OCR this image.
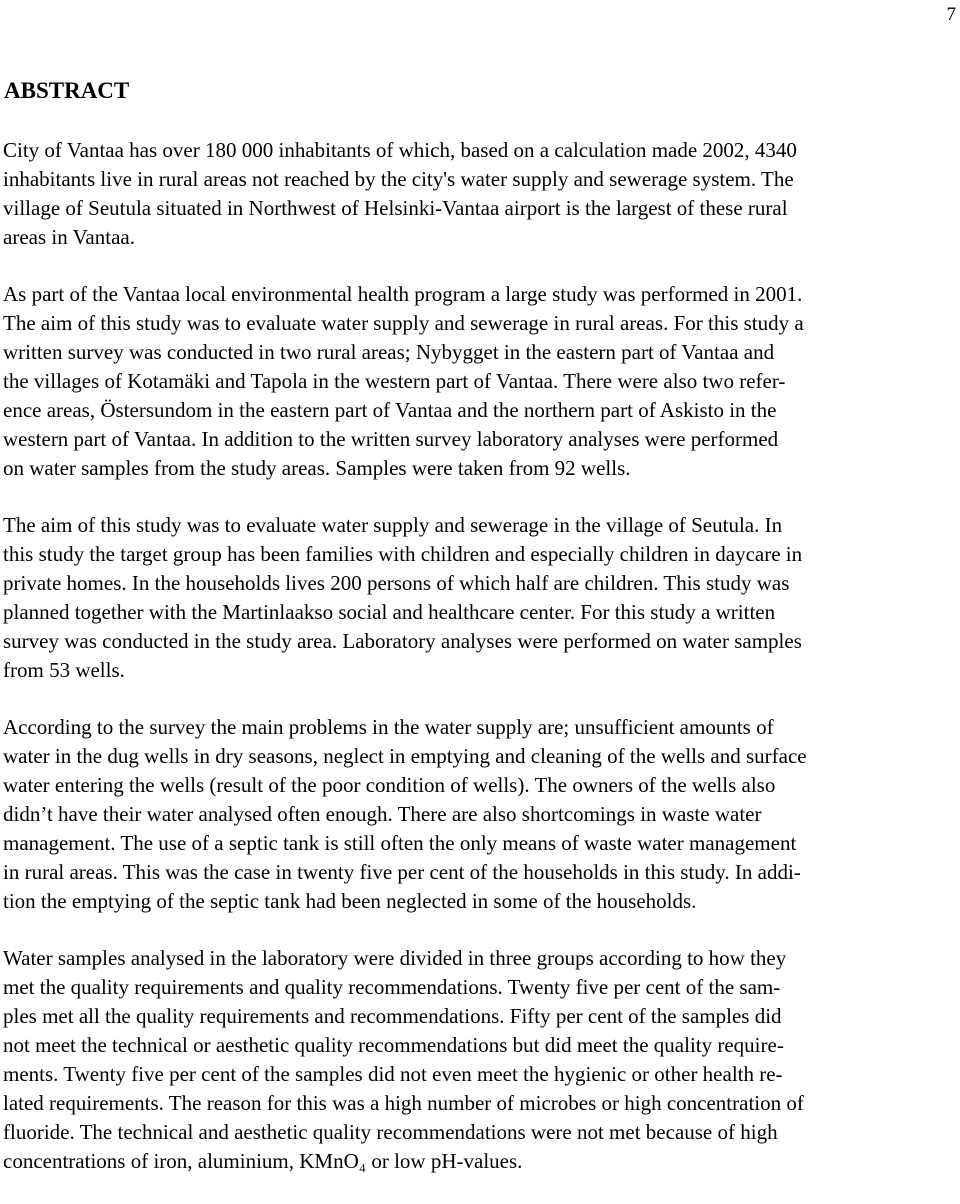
7
ABSTRACT

City of Vantaa has over 180 000 inhabitants of which, based on a calculation made 2002, 4340
inhabitants live in rural areas not reached by the city's water supply and sewerage system. The
village of Seutula situated in Northwest of Helsinki-Vantaa airport is the largest of these rural
areas in Vantaa.

As part of the Vantaa local environmental health program a large study was performed in 2001.
The aim of this study was to evaluate water supply and sewerage in rural areas. For this study a
written survey was conducted in two rural areas; Nybygget in the eastern part of Vantaa and
the villages of Kotamäki and Tapola in the western part of Vantaa. There were also two refer-
ence areas, Östersundom in the eastern part of Vantaa and the northern part of Askisto in the
western part of Vantaa. In addition to the written survey laboratory analyses were performed
on water samples from the study areas. Samples were taken from 92 wells.

The aim of this study was to evaluate water supply and sewerage in the village of Seutula. In
this study the target group has been families with children and especially children in daycare in
private homes. In the households lives 200 persons of which half are children. This study was
planned together with the Martinlaakso social and healthcare center. For this study a written
survey was conducted in the study area. Laboratory analyses were performed on water samples
from 53 wells.

According to the survey the main problems in the water supply are; unsufficient amounts of
water in the dug wells in dry seasons, neglect in emptying and cleaning of the wells and surface
water entering the wells (result of the poor condition of wells). The owners of the wells also
didn’t have their water analysed often enough. There are also shortcomings in waste water
management. The use of a septic tank is still often the only means of waste water management
in rural areas. This was the case in twenty five per cent of the households in this study. In addi-
tion the emptying of the septic tank had been neglected in some of the households.

Water samples analysed in the laboratory were divided in three groups according to how they
met the quality requirements and quality recommendations. Twenty five per cent of the sam-
ples met all the quality requirements and recommendations. Fifty per cent of the samples did
not meet the technical or aesthetic quality recommendations but did meet the quality require-
ments. Twenty five per cent of the samples did not even meet the hygienic or other health re-
lated requirements. The reason for this was a high number of microbes or high concentration of
fluoride. The technical and aesthetic quality recommendations were not met because of high
concentrations of iron, aluminium, KMnO₄ or low pH-values.
